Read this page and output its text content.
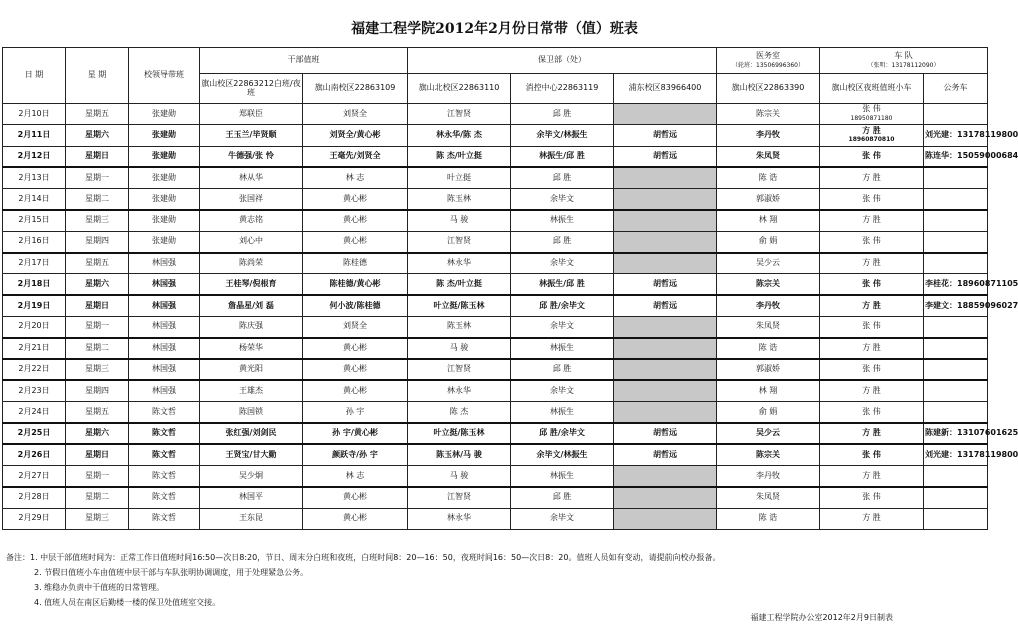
福建工程学院2012年2月份日常带（值）班表
日 期	星 期	校领导带班	干部值班		保卫部（处）			医务室
（轮班：13506996360）	车 队
（张明：13178112090）	
			旗山校区22863212白班/夜班	旗山南校区22863109	旗山北校区22863110	消控中心22863119	浦东校区83966400	旗山校区22863390	旗山校区夜班值班小车	公务车
2月10日	星期五	张建勋	郑联臣	刘贤全	江智贤	邱 胜		陈宗关	张 伟
18950871180	
2月11日	星期六	张建勋	王玉兰/毕贤顺	刘贤全/黄心彬	林永华/陈 杰	余毕文/林振生	胡哲远	李丹牧	方 胜
18960870810	刘光建：13178119800
2月12日	星期日	张建勋	牛德强/张 怜	王毫先/刘贤全	陈 杰/叶立挺	林振生/邱 胜	胡哲远	朱凤贤	张 伟	陈连华：15059000684
2月13日	星期一	张建勋	林从华	林 志	叶立挺	邱 胜		陈 诰	方 胜	
2月14日	星期二	张建勋	张国祥	黄心彬	陈玉林	余毕文		郭淑娇	张 伟	
2月15日	星期三	张建勋	黄志铭	黄心彬	马 骏	林振生		林 翔	方 胜	
2月16日	星期四	张建勋	刘心中	黄心彬	江智贤	邱 胜		俞 娟	张 伟	
2月17日	星期五	林国强	陈尚荣	陈桂德	林永华	余毕文		吴少云	方 胜	
2月18日	星期六	林国强	王桂琴/倪根育	陈桂德/黄心彬	陈 杰/叶立挺	林振生/邱 胜	胡哲远	陈宗关	张 伟	李桂花：18960871105
2月19日	星期日	林国强	詹晶星/刘 磊	何小波/陈桂德	叶立挺/陈玉林	邱 胜/余毕文	胡哲远	李丹牧	方 胜	李建文：18859096027
2月20日	星期一	林国强	陈庆强	刘贤全	陈玉林	余毕文		朱凤贤	张 伟	
2月21日	星期二	林国强	杨荣华	黄心彬	马 骏	林振生		陈 诰	方 胜	
2月22日	星期三	林国强	黄光阳	黄心彬	江智贤	邱 胜		郭淑娇	张 伟	
2月23日	星期四	林国强	王雄杰	黄心彬	林永华	余毕文		林 翔	方 胜	
2月24日	星期五	陈文哲	陈国锁	孙 宇	陈 杰	林振生		俞 娟	张 伟	
2月25日	星期六	陈文哲	张红强/刘剑民	孙 宇/黄心彬	叶立挺/陈玉林	邱 胜/余毕文	胡哲远	吴少云	方 胜	陈建新：13107601625
2月26日	星期日	陈文哲	王贤宝/甘大勤	颜跃寺/孙 宇	陈玉林/马 骏	余毕文/林振生	胡哲远	陈宗关	张 伟	刘光建：13178119800
2月27日	星期一	陈文哲	吴少炯	林 志	马 骏	林振生		李丹牧	方 胜	
2月28日	星期二	陈文哲	林国平	黄心彬	江智贤	邱 胜		朱凤贤	张 伟	
2月29日	星期三	陈文哲	王东昆	黄心彬	林永华	余毕文		陈 诰	方 胜	
备注：1. 中层干部值班时间为：正常工作日值班时间16:50—次日8:20，节日、周末分白班和夜班，白班时间8：20—16：50，夜班时间16：50—次日8：20。值班人员如有变动，请提前向校办报备。
2. 节假日值班小车由值班中层干部与车队张明协调调度，用于处理紧急公务。
3. 维稳办负责中干值班的日常管理。
4. 值班人员在南区后勤楼一楼的保卫处值班室交接。
福建工程学院办公室2012年2月9日制表
